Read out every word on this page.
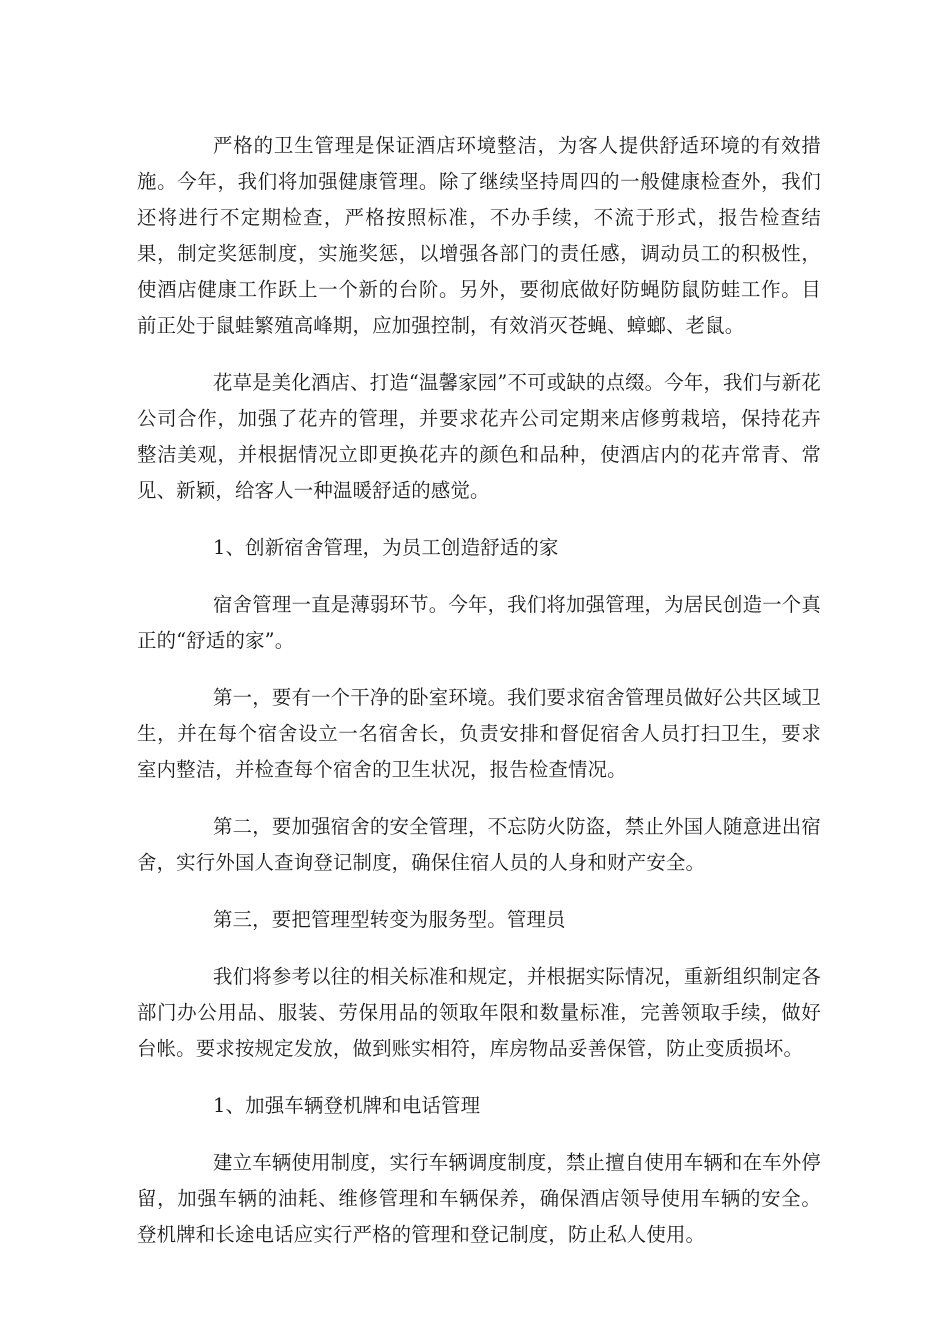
严格的卫生管理是保证酒店环境整洁，为客人提供舒适环境的有效措施。今年，我们将加强健康管理。除了继续坚持周四的一般健康检查外，我们还将进行不定期检查，严格按照标准，不办手续，不流于形式，报告检查结果，制定奖惩制度，实施奖惩，以增强各部门的责任感，调动员工的积极性，使酒店健康工作跃上一个新的台阶。另外，要彻底做好防蝇防鼠防蛙工作。目前正处于鼠蛙繁殖高峰期，应加强控制，有效消灭苍蝇、蟑螂、老鼠。

花草是美化酒店、打造“温馨家园”不可或缺的点缀。今年，我们与新花公司合作，加强了花卉的管理，并要求花卉公司定期来店修剪栽培，保持花卉整洁美观，并根据情况立即更换花卉的颜色和品种，使酒店内的花卉常青、常见、新颖，给客人一种温暖舒适的感觉。

1、创新宿舍管理，为员工创造舒适的家

宿舍管理一直是薄弱环节。今年，我们将加强管理，为居民创造一个真正的“舒适的家”。

第一，要有一个干净的卧室环境。我们要求宿舍管理员做好公共区域卫生，并在每个宿舍设立一名宿舍长，负责安排和督促宿舍人员打扫卫生，要求室内整洁，并检查每个宿舍的卫生状况，报告检查情况。

第二，要加强宿舍的安全管理，不忘防火防盗，禁止外国人随意进出宿舍，实行外国人查询登记制度，确保住宿人员的人身和财产安全。

第三，要把管理型转变为服务型。管理员

我们将参考以往的相关标准和规定，并根据实际情况，重新组织制定各部门办公用品、服装、劳保用品的领取年限和数量标准，完善领取手续，做好台帐。要求按规定发放，做到账实相符，库房物品妥善保管，防止变质损坏。

1、加强车辆登机牌和电话管理

建立车辆使用制度，实行车辆调度制度，禁止擅自使用车辆和在车外停留，加强车辆的油耗、维修管理和车辆保养，确保酒店领导使用车辆的安全。登机牌和长途电话应实行严格的管理和登记制度，防止私人使用。
